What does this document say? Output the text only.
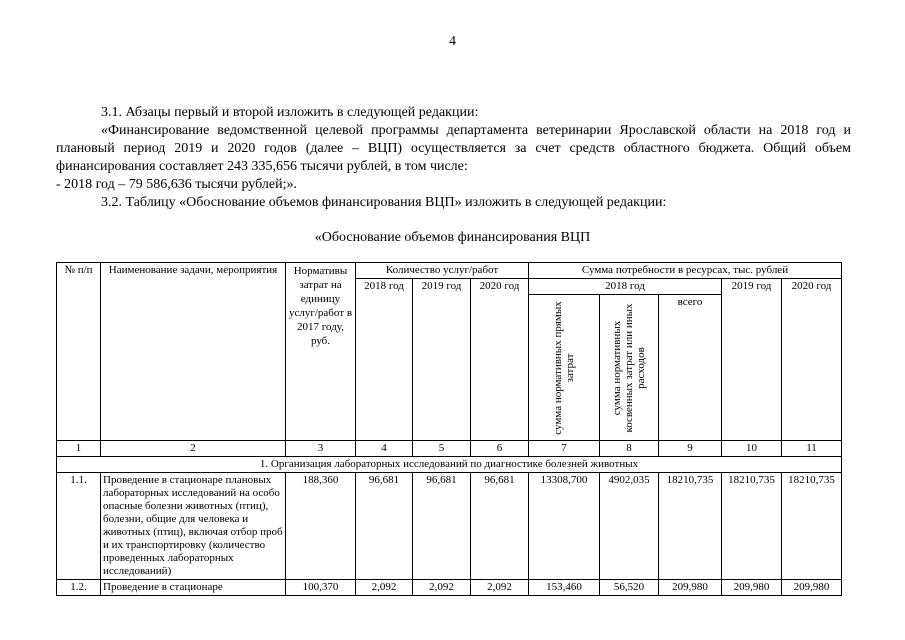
4

3.1. Абзацы первый и второй изложить в следующей редакции:

«Финансирование ведомственной целевой программы департамента ветеринарии Ярославской области на 2018 год и плановый период 2019 и 2020 годов (далее – ВЦП) осуществляется за счет средств областного бюджета. Общий объем финансирования составляет 243 335,656 тысячи рублей, в том числе:

- 2018 год – 79 586,636 тысячи рублей;».

3.2. Таблицу «Обоснование объемов финансирования ВЦП» изложить в следующей редакции:

«Обоснование объемов финансирования ВЦП
№ п/п	Наименование задачи, мероприятия	Нормативы затрат на единицу услуг/работ в 2017 году, руб.	Количество услуг/работ			Сумма потребности в ресурсах, тыс. рублей				
			2018 год	2019 год	2020 год	2018 год			2019 год	2020 год

						сумма нормативных прямых затрат	сумма нормативных косвенных затрат или иных расходов	всего		
1	2	3	4	5	6	7	8	9	10	11
1. Организация лабораторных исследований по диагностике болезней животных										
1.1.	Проведение в стационаре плановых лабораторных исследований на особо опасные болезни животных (птиц), болезни, общие для человека и животных (птиц), включая отбор проб и их транспортировку (количество проведенных лабораторных исследований)	188,360	96,681	96,681	96,681	13308,700	4902,035	18210,735	18210,735	18210,735
1.2.	Проведение в стационаре	100,370	2,092	2,092	2,092	153,460	56,520	209,980	209,980	209,980
